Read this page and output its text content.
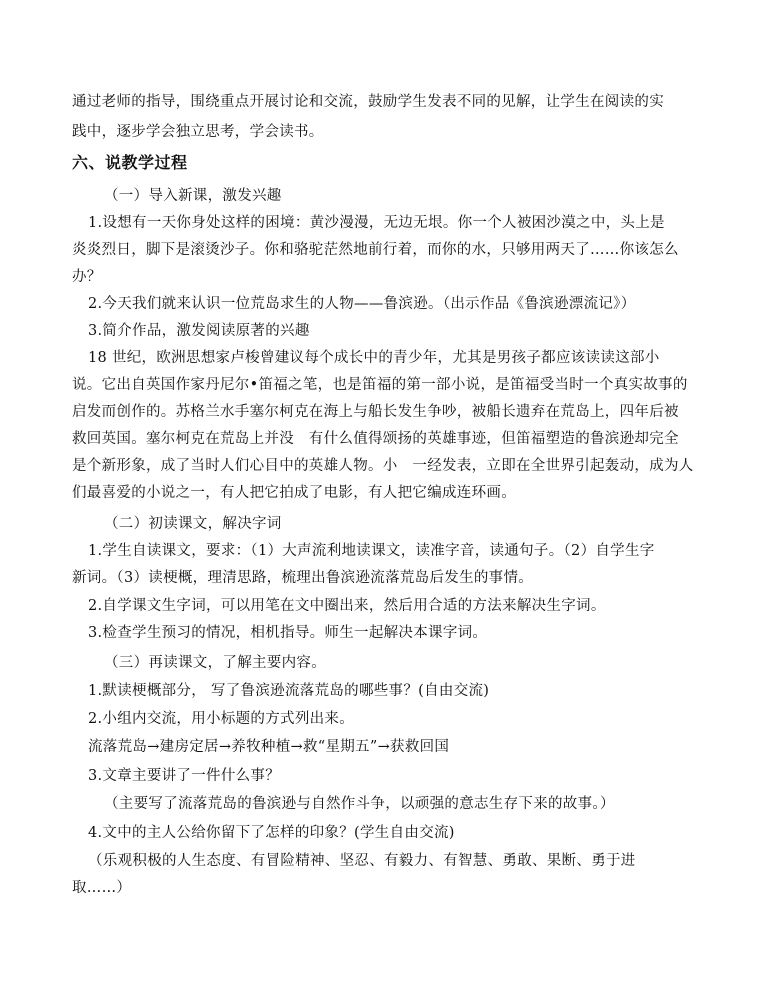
通过老师的指导，围绕重点开展讨论和交流，鼓励学生发表不同的见解，让学生在阅读的实
践中，逐步学会独立思考，学会读书。
六、说教学过程
（一）导入新课，激发兴趣
1.设想有一天你身处这样的困境：黄沙漫漫，无边无垠。你一个人被困沙漠之中，头上是
炎炎烈日，脚下是滚烫沙子。你和骆驼茫然地前行着，而你的水，只够用两天了……你该怎么
办？
2.今天我们就来认识一位荒岛求生的人物——鲁滨逊。（出示作品《鲁滨逊漂流记》）
3.简介作品，激发阅读原著的兴趣
18 世纪，欧洲思想家卢梭曾建议每个成长中的青少年，尤其是男孩子都应该读读这部小
说。它出自英国作家丹尼尔•笛福之笔，也是笛福的第一部小说，是笛福受当时一个真实故事的
启发而创作的。苏格兰水手塞尔柯克在海上与船长发生争吵，被船长遗弃在荒岛上，四年后被
救回英国。塞尔柯克在荒岛上并没　有什么值得颂扬的英雄事迹，但笛福塑造的鲁滨逊却完全
是个新形象，成了当时人们心目中的英雄人物。小　一经发表，立即在全世界引起轰动，成为人
们最喜爱的小说之一，有人把它拍成了电影，有人把它编成连环画。
（二）初读课文，解决字词
1.学生自读课文，要求：（1）大声流利地读课文，读准字音，读通句子。（2）自学生字
新词。（3）读梗概，理清思路，梳理出鲁滨逊流落荒岛后发生的事情。
2.自学课文生字词，可以用笔在文中圈出来，然后用合适的方法来解决生字词。
3.检查学生预习的情况，相机指导。师生一起解决本课字词。
（三）再读课文，了解主要内容。
1.默读梗概部分， 写了鲁滨逊流落荒岛的哪些事？(自由交流)
2.小组内交流，用小标题的方式列出来。
流落荒岛→建房定居→养牧种植→救“星期五”→获救回国
3.文章主要讲了一件什么事？
（主要写了流落荒岛的鲁滨逊与自然作斗争，以顽强的意志生存下来的故事。）
4.文中的主人公给你留下了怎样的印象？(学生自由交流)
（乐观积极的人生态度、有冒险精神、坚忍、有毅力、有智慧、勇敢、果断、勇于进
取……）
